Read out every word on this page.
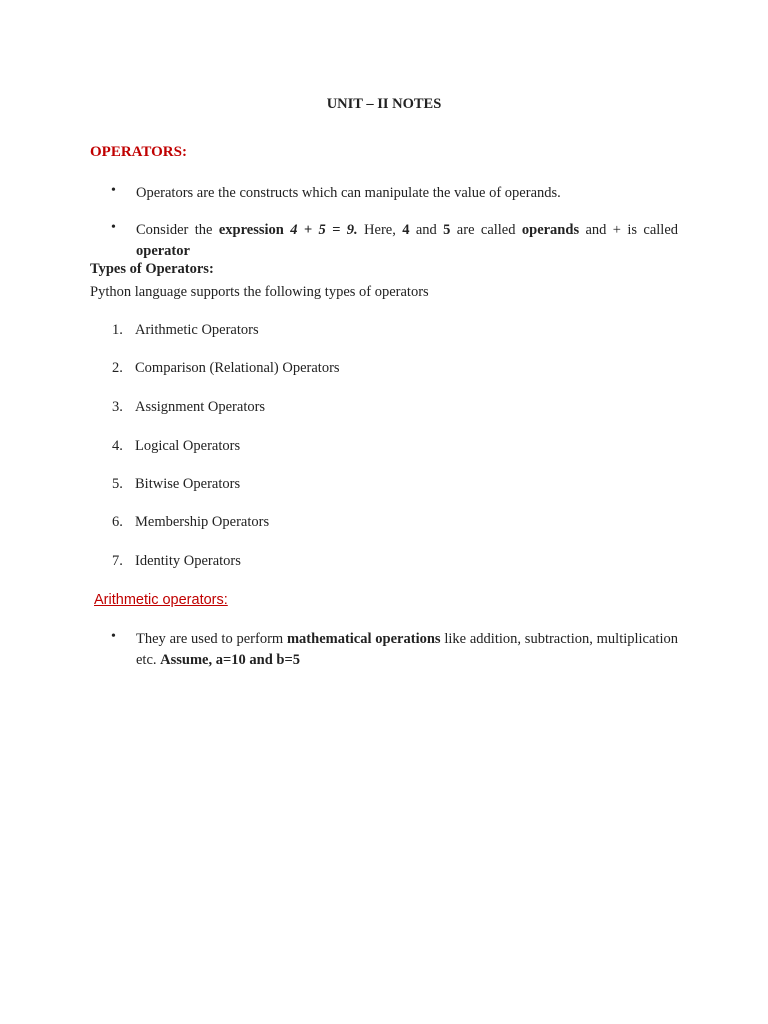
UNIT – II NOTES
OPERATORS:
• Operators are the constructs which can manipulate the value of operands.
• Consider the expression 4 + 5 = 9. Here, 4 and 5 are called operands and + is called operator
Types of Operators:
Python language supports the following types of operators
1. Arithmetic Operators
2. Comparison (Relational) Operators
3. Assignment Operators
4. Logical Operators
5. Bitwise Operators
6. Membership Operators
7. Identity Operators
Arithmetic operators:
• They are used to perform mathematical operations like addition, subtraction, multiplication etc. Assume, a=10 and b=5
